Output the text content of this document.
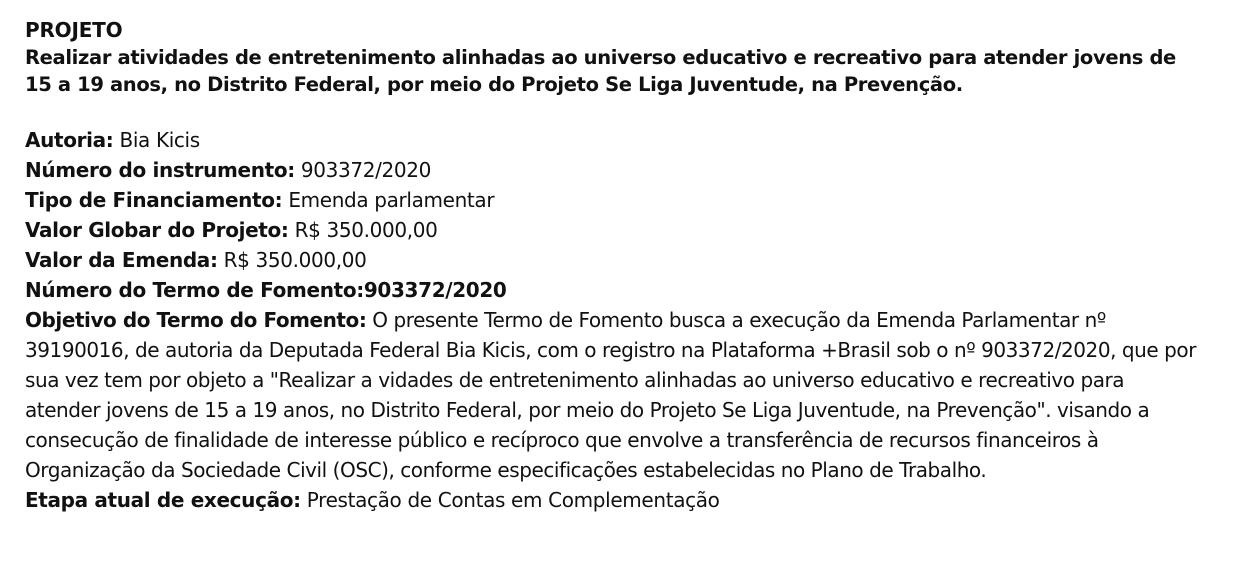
PROJETO

Realizar atividades de entretenimento alinhadas ao universo educativo e recreativo para atender jovens de 15 a 19 anos, no Distrito Federal, por meio do Projeto Se Liga Juventude, na Prevenção.

Autoria: Bia Kicis

Número do instrumento: 903372/2020

Tipo de Financiamento: Emenda parlamentar

Valor Globar do Projeto: R$ 350.000,00

Valor da Emenda: R$ 350.000,00

Número do Termo de Fomento:903372/2020

Objetivo do Termo do Fomento: O presente Termo de Fomento busca a execução da Emenda Parlamentar nº 39190016, de autoria da Deputada Federal Bia Kicis, com o registro na Plataforma +Brasil sob o nº 903372/2020, que por sua vez tem por objeto a "Realizar a vidades de entretenimento alinhadas ao universo educativo e recreativo para atender jovens de 15 a 19 anos, no Distrito Federal, por meio do Projeto Se Liga Juventude, na Prevenção". visando a consecução de finalidade de interesse público e recíproco que envolve a transferência de recursos financeiros à Organização da Sociedade Civil (OSC), conforme especificações estabelecidas no Plano de Trabalho.

Etapa atual de execução: Prestação de Contas em Complementação
